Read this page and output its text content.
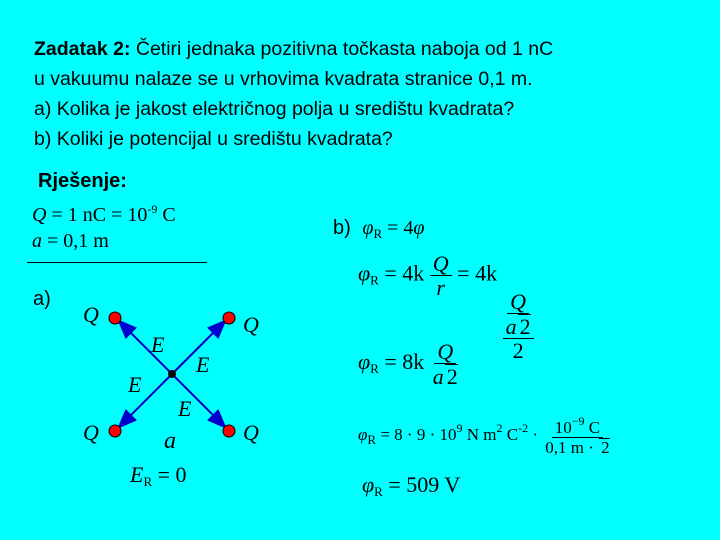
Zadatak 2: Četiri jednaka pozitivna točkasta naboja od 1 nC
u vakuumu nalaze se u vrhovima kvadrata stranice 0,1 m.
a) Kolika je jakost električnog polja u središtu kvadrata?
b) Koliki je potencijal u središtu kvadrata?
Rješenje:
Q = 1 nC = $10^{-9}$ C
a = 0,1 m
a)
Q	Q
Q	Q
E
E
E
E
a
$E_R = 0$
b) $\varphi_R = 4\varphi$
$\varphi_R = 4k \frac{Q}{r} = 4k$
Q
a 2
2
$\varphi_R = 8k \frac{Q}{a 2}$
$\varphi_R = 8 \cdot 9 \cdot 10^9$ N $m^2$ $C^{-2} \cdot \frac{10^{-9} C}{0,1 m \cdot 2}$
$\varphi_R = 509$ V
